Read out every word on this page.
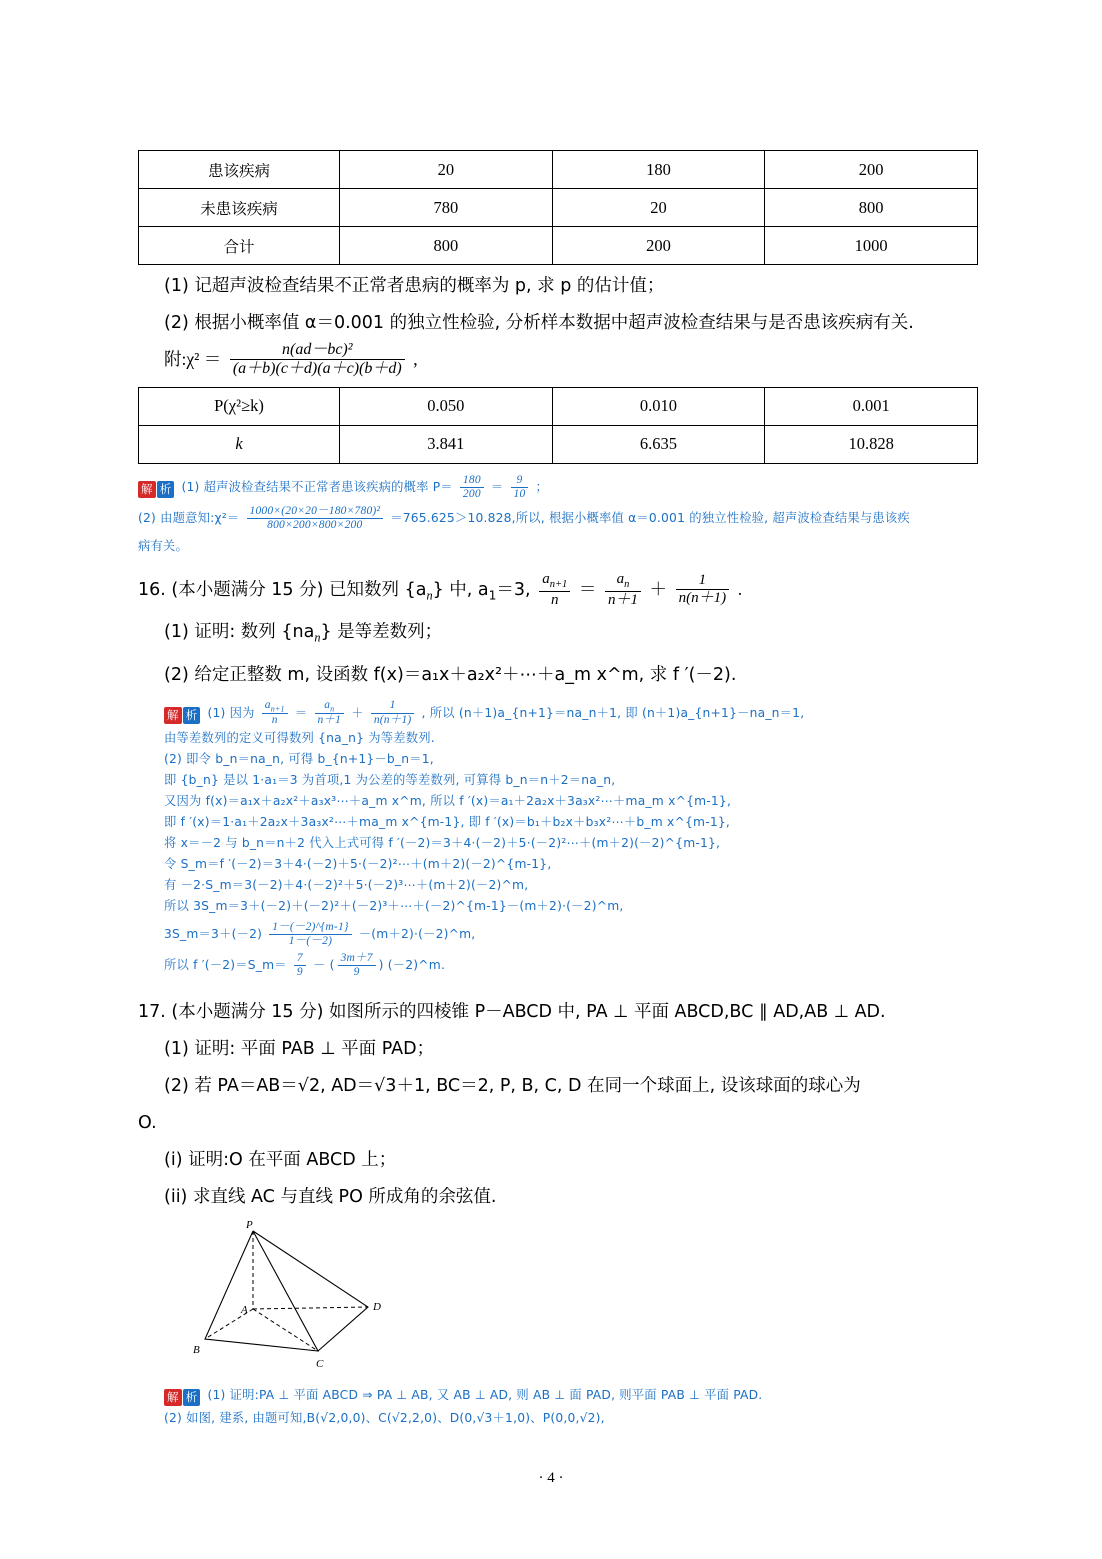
患该疾病	20	180	200
未患该疾病	780	20	800
合计	800	200	1000
(1) 记超声波检查结果不正常者患病的概率为 p, 求 p 的估计值；
(2) 根据小概率值 α＝0.001 的独立性检验, 分析样本数据中超声波检查结果与是否患该疾病有关.
附:χ² ＝ $\frac{\text{n(ad－bc)²}}{(a+b)(c+d)(a+c)(b+d)}$ ,
P(χ²≥k)	0.050	0.010	0.001
k	3.841	6.635	10.828
解 析 (1) 超声波检查结果不正常者患该疾病的概率 $P= \frac{180}{200} = \frac{9}{10}$ ；
(2) 由题意知:χ²＝ $\frac{\text{1000×(20×20－180×780)²}}{800\times 200\times 800\times 200} =765.625>10.828$,所以, 根据小概率值 α＝0.001 的独立性检验, 超声波检查结果与患该疾
病有关。
16. (本小题满分 15 分) 已知数列 $\{a_n\}$ 中, $a_1=3$, $\frac{a_{n+1}}{n} = \frac{a_n}{n+1} + \frac{1}{n(n+1)}$ .
(1) 证明: 数列 $\{na_n\}$ 是等差数列；
(2) 给定正整数 m, 设函数 f(x)＝a₁x＋a₂x²＋⋯＋a_m x^m, 求 f ′(－2).
解 析 (1) 因为 $\frac{a_{n+1}}{n} = \frac{a_n}{n+1} + \frac{1}{n(n+1)}$ , 所以 (n＋1)a_{n+1}＝na_n＋1, 即 (n＋1)a_{n+1}－na_n＝1,
由等差数列的定义可得数列 {na_n} 为等差数列.
(2) 即令 b_n＝na_n, 可得 b_{n+1}－b_n＝1,
即 {b_n} 是以 1·a₁＝3 为首项,1 为公差的等差数列, 可算得 b_n＝n＋2＝na_n,
又因为 f(x)＝a₁x＋a₂x²＋a₃x³⋯＋a_m x^m, 所以 f ′(x)＝a₁＋2a₂x＋3a₃x²⋯＋ma_m x^{m-1},
即 f ′(x)＝1·a₁＋2a₂x＋3a₃x²⋯＋ma_m x^{m-1}, 即 f ′(x)＝b₁＋b₂x＋b₃x²⋯＋b_m x^{m-1},
将 x＝－2 与 b_n＝n＋2 代入上式可得 f ′(－2)＝3＋4·(－2)＋5·(－2)²⋯＋(m＋2)(－2)^{m-1},
令 S_m＝f ′(－2)＝3＋4·(－2)＋5·(－2)²⋯＋(m＋2)(－2)^{m-1},
有 －2·S_m＝3(－2)＋4·(－2)²＋5·(－2)³⋯＋(m＋2)(－2)^m,
所以 3S_m＝3＋(－2)＋(－2)²＋(－2)³＋⋯＋(－2)^{m-1}－(m＋2)·(－2)^m,
3S_m＝3＋(－2) $\frac{1-(-2)\^{}\{m-1\}}{1-(-2)}$ －(m＋2)·(－2)^m,
所以 f ′(－2)＝S_m＝ $\frac{7}{9}$ － ( $\frac{3m+7}{9}$ ) (－2)^m.
17. (本小题满分 15 分) 如图所示的四棱锥 P－ABCD 中, PA ⊥ 平面 ABCD,BC ∥ AD,AB ⊥ AD.
(1) 证明: 平面 PAB ⊥ 平面 PAD；
(2) 若 PA＝AB＝√2, AD＝√3＋1, BC＝2, P, B, C, D 在同一个球面上, 设该球面的球心为
O.
(i) 证明:O 在平面 ABCD 上；
(ii) 求直线 AC 与直线 PO 所成角的余弦值.
P
A
B
C
D
解 析 (1) 证明:PA ⊥ 平面 ABCD ⇒ PA ⊥ AB, 又 AB ⊥ AD, 则 AB ⊥ 面 PAD, 则平面 PAB ⊥ 平面 PAD.
(2) 如图, 建系, 由题可知,B(√2,0,0)、C(√2,2,0)、D(0,√3＋1,0)、P(0,0,√2),
· 4 ·
